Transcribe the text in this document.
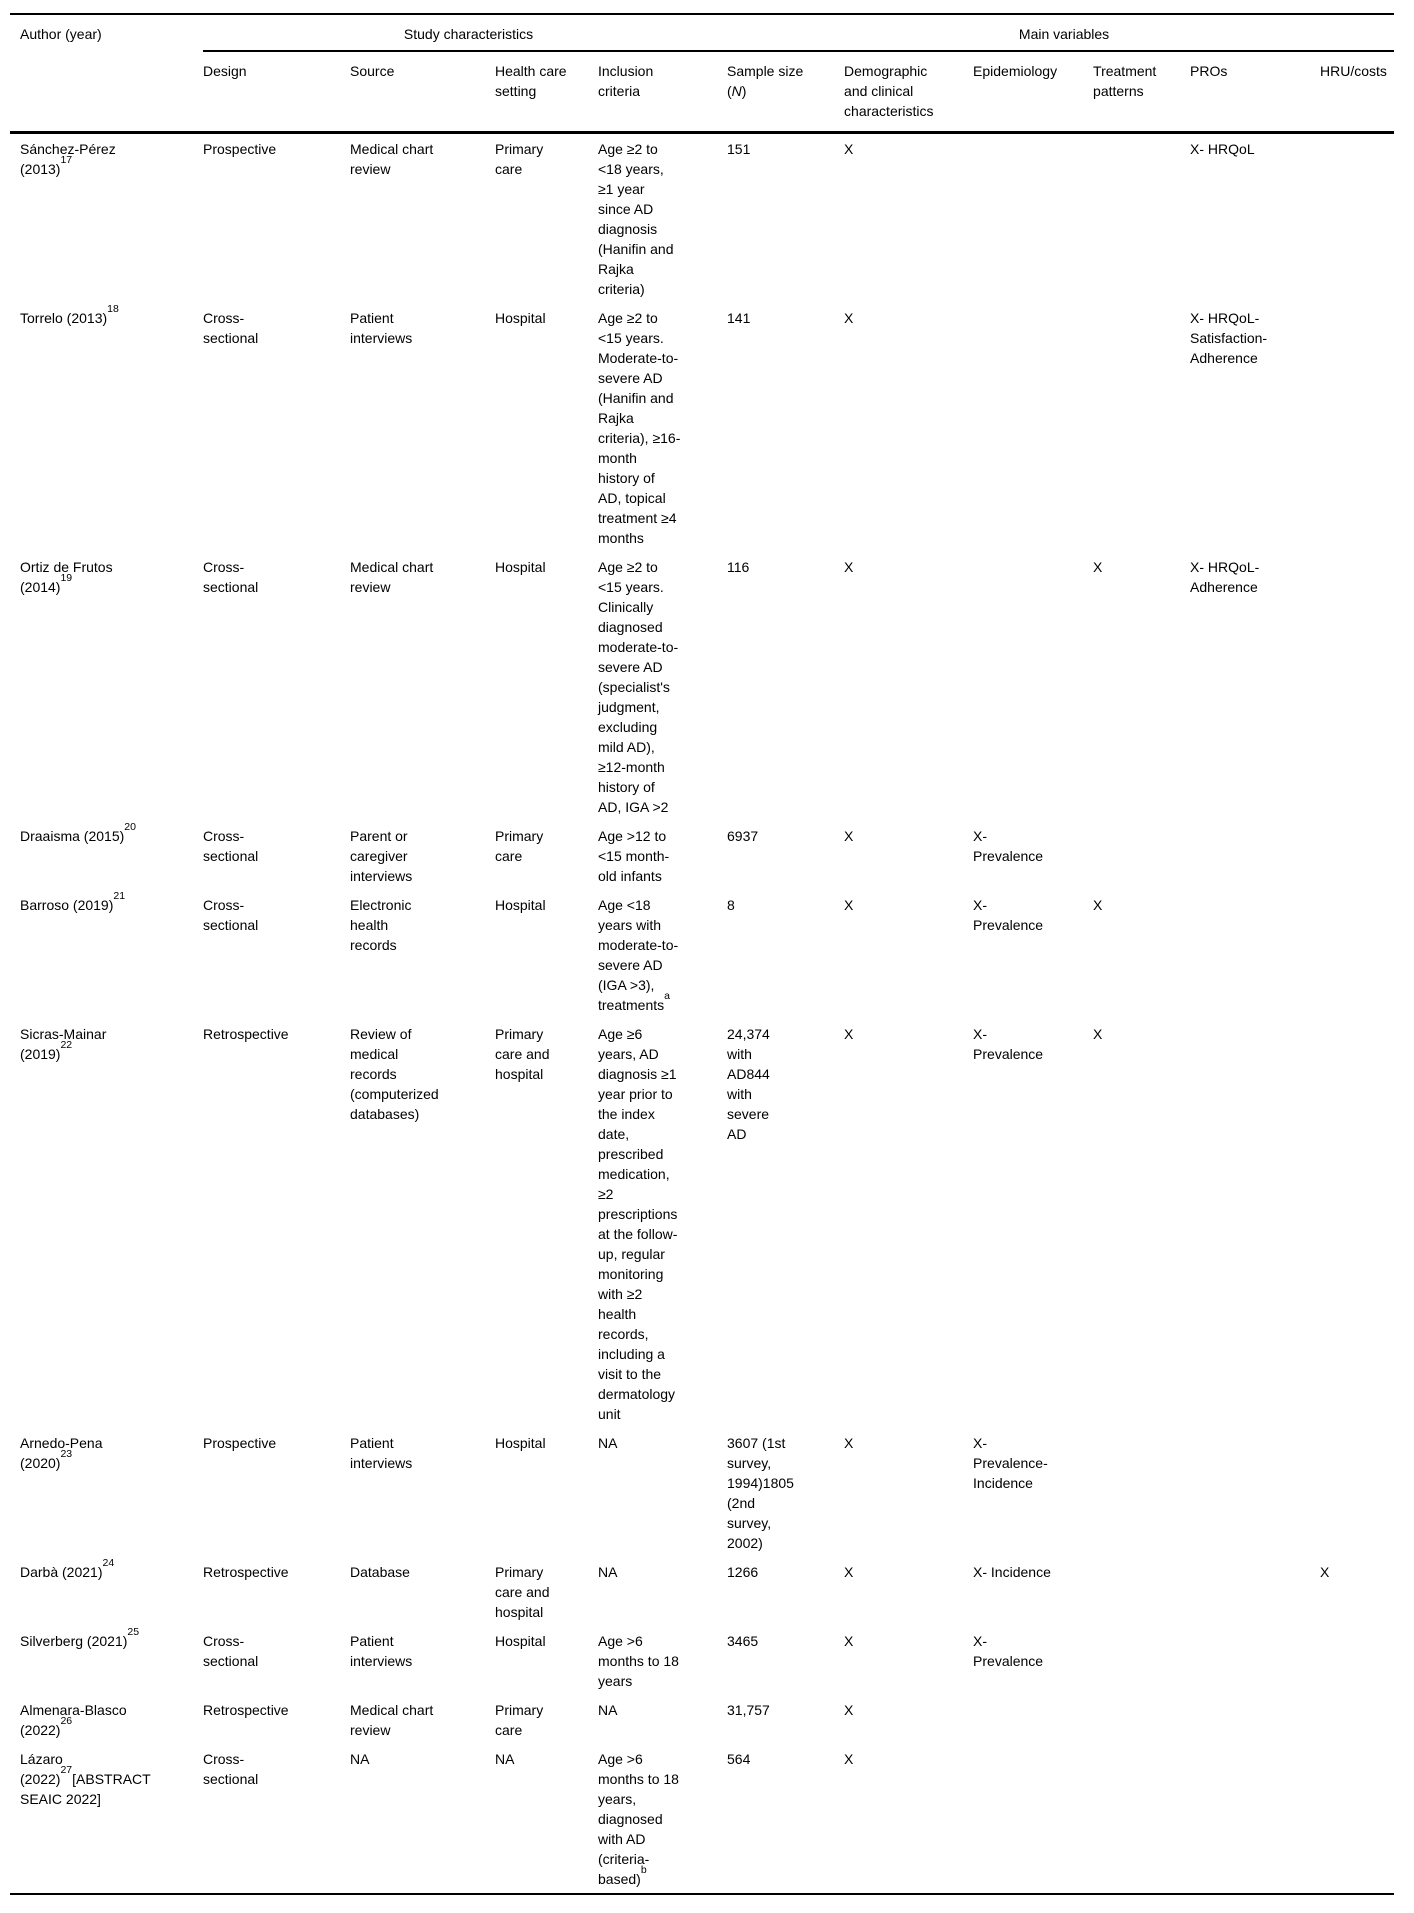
Author (year)	Study characteristics					Main variables				

	Design	Source	Health care setting	Inclusion criteria	Sample size (N)	Demographic and clinical characteristics	Epidemiology	Treatment patterns	PROs	HRU/costs

Sánchez-Pérez $(2013)^{17}$	Prospective	Medical chart review	Primary care	Age ≥2 to <18 years, ≥1 year since AD diagnosis (Hanifin and Rajka criteria)	151	X			X- HRQoL	

Torrelo $(2013)^{18}$	Cross-sectional	Patient interviews	Hospital	Age ≥2 to <15 years. Moderate-to-severe AD (Hanifin and Rajka criteria), ≥16-month history of AD, topical treatment ≥4 months	141	X			X- HRQoL- Satisfaction- Adherence	

Ortiz de Frutos $(2014)^{19}$	Cross-sectional	Medical chart review	Hospital	Age ≥2 to <15 years. Clinically diagnosed moderate-to-severe AD (specialist's judgment, excluding mild AD), ≥12-month history of AD, IGA >2	116	X		X	X- HRQoL- Adherence	

Draaisma $(2015)^{20}$	Cross-sectional	Parent or caregiver interviews	Primary care	Age >12 to <15 month-old infants	6937	X	X- Prevalence			

Barroso $(2019)^{21}$	Cross-sectional	Electronic health records	Hospital	Age <18 years with moderate-to-severe AD (IGA >3), treatments$^a$	8	X	X- Prevalence	X		

Sicras-Mainar $(2019)^{22}$	Retrospective	Review of medical records (computerized databases)	Primary care and hospital	Age ≥6 years, AD diagnosis ≥1 year prior to the index date, prescribed medication, ≥2 prescriptions at the follow-up, regular monitoring with ≥2 health records, including a visit to the dermatology unit	24,374 with AD844 with severe AD	X	X- Prevalence	X		

Arnedo-Pena $(2020)^{23}$	Prospective	Patient interviews	Hospital	NA	3607 (1st survey, 1994)1805 (2nd survey, 2002)	X	X- Prevalence- Incidence			

Darbà $(2021)^{24}$	Retrospective	Database	Primary care and hospital	NA	1266	X	X- Incidence			X

Silverberg $(2021)^{25}$	Cross-sectional	Patient interviews	Hospital	Age >6 months to 18 years	3465	X	X- Prevalence			

Almenara-Blasco $(2022)^{26}$	Retrospective	Medical chart review	Primary care	NA	31,757	X				

Lázaro $(2022)^{27}[ABSTRACT$ SEAIC 2022]	Cross-sectional	NA	NA	Age >6 months to 18 years, diagnosed with AD (criteria-based)$^b$	564	X				
